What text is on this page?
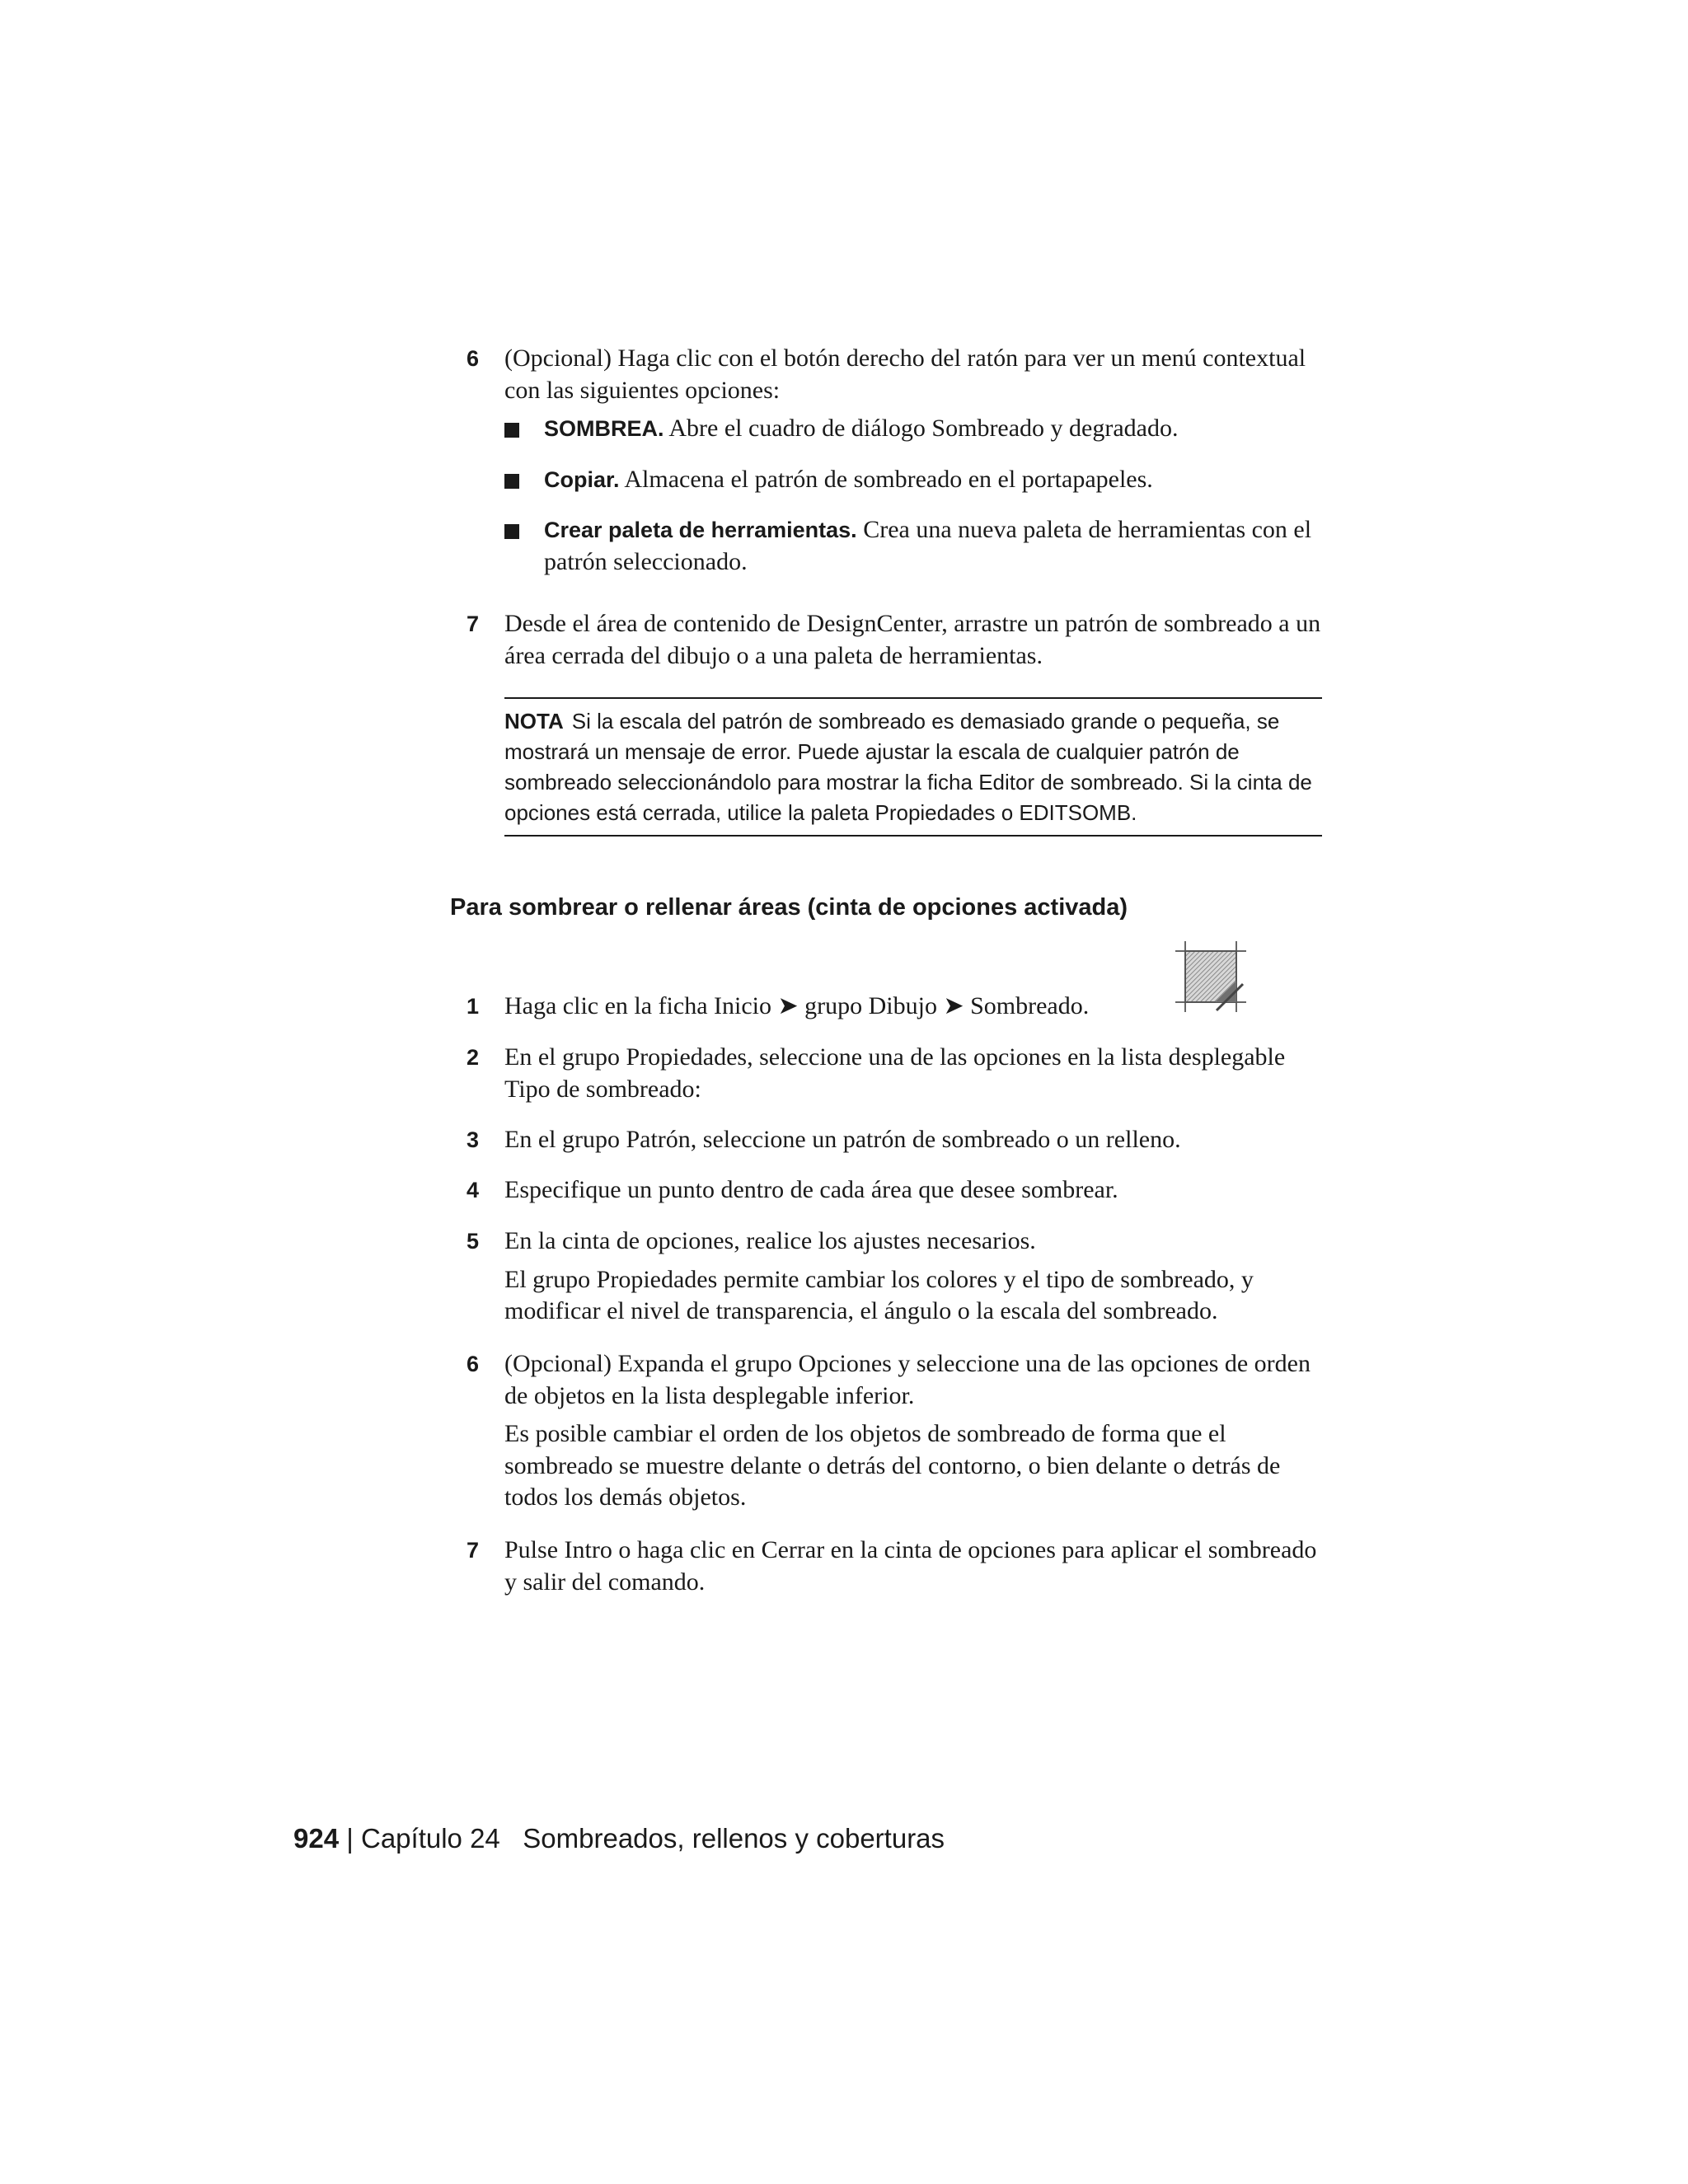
6 (Opcional) Haga clic con el botón derecho del ratón para ver un menú contextual con las siguientes opciones:
SOMBREA. Abre el cuadro de diálogo Sombreado y degradado.
Copiar. Almacena el patrón de sombreado en el portapapeles.
Crear paleta de herramientas. Crea una nueva paleta de herramientas con el patrón seleccionado.
7 Desde el área de contenido de DesignCenter, arrastre un patrón de sombreado a un área cerrada del dibujo o a una paleta de herramientas.
NOTA Si la escala del patrón de sombreado es demasiado grande o pequeña, se mostrará un mensaje de error. Puede ajustar la escala de cualquier patrón de sombreado seleccionándolo para mostrar la ficha Editor de sombreado. Si la cinta de opciones está cerrada, utilice la paleta Propiedades o EDITSOMB.
Para sombrear o rellenar áreas (cinta de opciones activada)
1 Haga clic en la ficha Inicio ➤ grupo Dibujo ➤ Sombreado.
2 En el grupo Propiedades, seleccione una de las opciones en la lista desplegable Tipo de sombreado:
3 En el grupo Patrón, seleccione un patrón de sombreado o un relleno.
4 Especifique un punto dentro de cada área que desee sombrear.
5 En la cinta de opciones, realice los ajustes necesarios.
El grupo Propiedades permite cambiar los colores y el tipo de sombreado, y modificar el nivel de transparencia, el ángulo o la escala del sombreado.
6 (Opcional) Expanda el grupo Opciones y seleccione una de las opciones de orden de objetos en la lista desplegable inferior.
Es posible cambiar el orden de los objetos de sombreado de forma que el sombreado se muestre delante o detrás del contorno, o bien delante o detrás de todos los demás objetos.
7 Pulse Intro o haga clic en Cerrar en la cinta de opciones para aplicar el sombreado y salir del comando.
924 | Capítulo 24   Sombreados, rellenos y coberturas
